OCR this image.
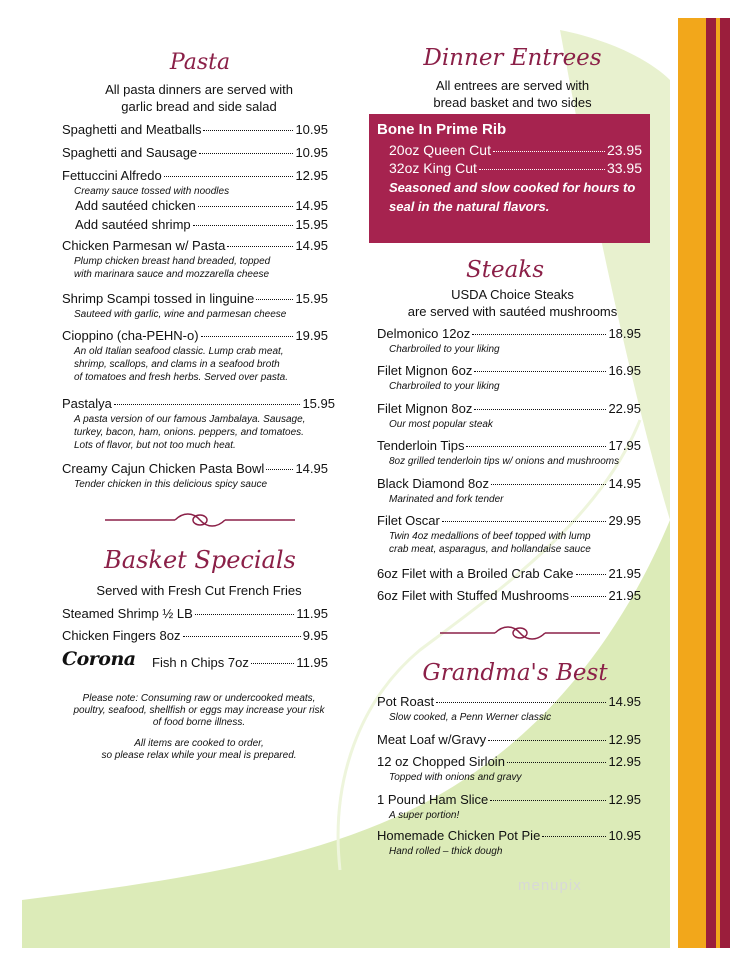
Pasta
All pasta dinners are served with
garlic bread and side salad
Spaghetti and Meatballs	10.95
Spaghetti and Sausage	10.95
Fettuccini Alfredo	12.95
Creamy sauce tossed with noodles
Add sautéed chicken	14.95
Add sautéed shrimp	15.95
Chicken Parmesan w/ Pasta	14.95
Plump chicken breast hand breaded, topped
with marinara sauce and mozzarella cheese
Shrimp Scampi tossed in linguine	15.95
Sauteed with garlic, wine and parmesan cheese
Cioppino (cha-PEHN-o)	19.95
An old Italian seafood classic. Lump crab meat,
shrimp, scallops, and clams in a seafood broth
of tomatoes and fresh herbs. Served over pasta.
Pastalya	15.95
A pasta version of our famous Jambalaya. Sausage,
turkey, bacon, ham, onions. peppers, and tomatoes.
Lots of flavor, but not too much heat.
Creamy Cajun Chicken Pasta Bowl 14.95
Tender chicken in this delicious spicy sauce
Basket Specials
Served with Fresh Cut French Fries
Steamed Shrimp ½ LB	11.95
Chicken Fingers 8oz	9.95
Fish n Chips 7oz	11.95
Corona
Please note: Consuming raw or undercooked meats,
poultry, seafood, shellfish or eggs may increase your risk
of food borne illness.
All items are cooked to order,
so please relax while your meal is prepared.
Dinner Entrees
All entrees are served with
bread basket and two sides
Bone In Prime Rib
20oz Queen Cut	23.95
32oz King Cut	33.95
Seasoned and slow cooked for hours to seal in the natural flavors.
Steaks
USDA Choice Steaks
are served with sautéed mushrooms
Delmonico 12oz	18.95
Charbroiled to your liking
Filet Mignon 6oz	16.95
Charbroiled to your liking
Filet Mignon 8oz	22.95
Our most popular steak
Tenderloin Tips	17.95
8oz grilled tenderloin tips w/ onions and mushrooms
Black Diamond 8oz	14.95
Marinated and fork tender
Filet Oscar	29.95
Twin 4oz medallions of beef topped with lump
crab meat, asparagus, and hollandaise sauce
6oz Filet with a Broiled Crab Cake	21.95
6oz Filet with Stuffed Mushrooms	21.95
Grandma's Best
Pot Roast	14.95
Slow cooked, a Penn Werner classic
Meat Loaf w/Gravy	12.95
12 oz Chopped Sirloin	12.95
Topped with onions and gravy
1 Pound Ham Slice	12.95
A super portion!
Homemade Chicken Pot Pie	10.95
Hand rolled – thick dough
menupix
